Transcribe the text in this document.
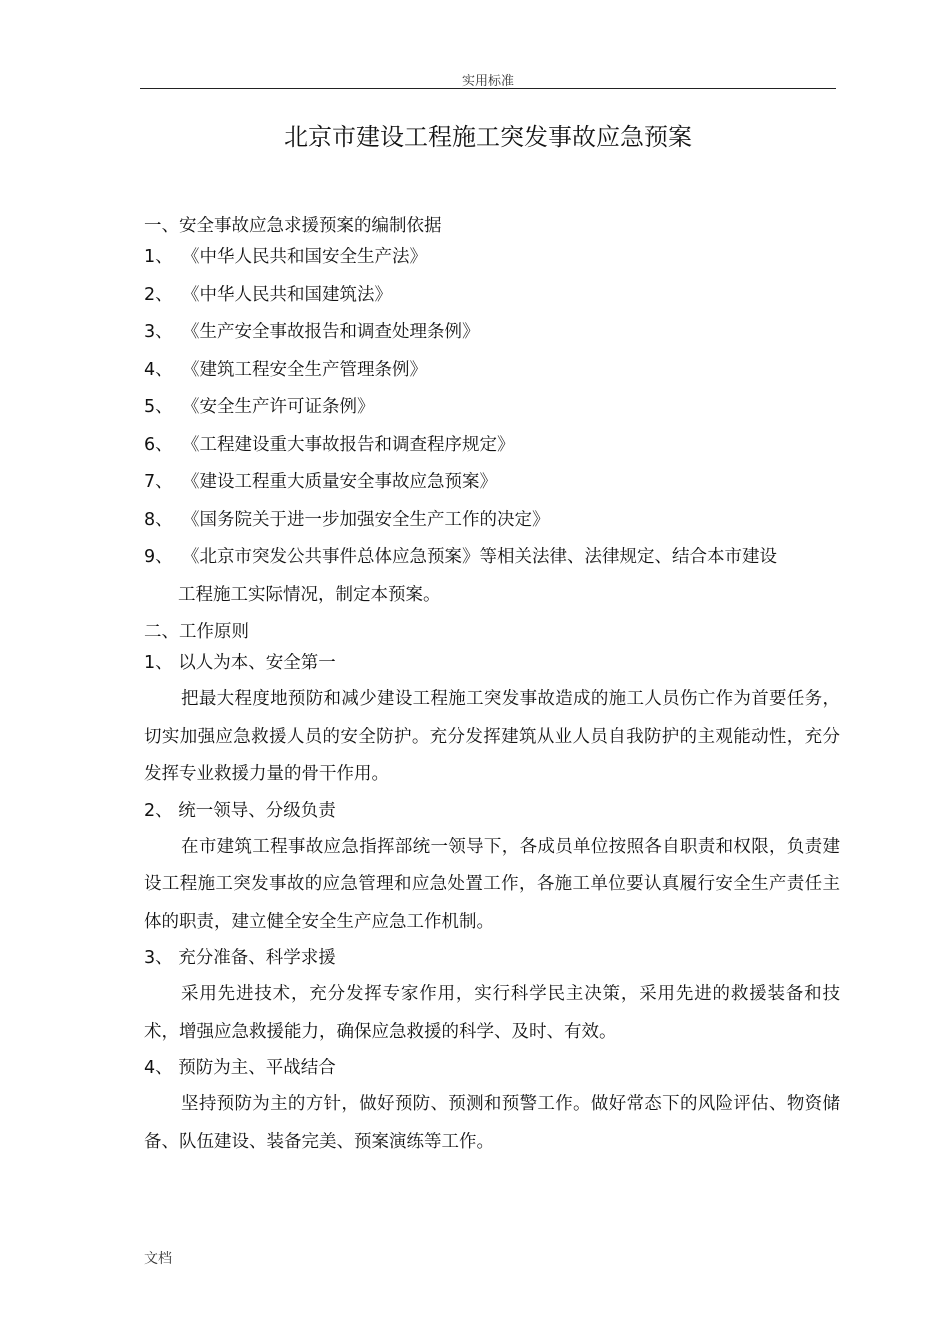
实用标准
北京市建设工程施工突发事故应急预案
一、安全事故应急求援预案的编制依据
1、 《中华人民共和国安全生产法》
2、 《中华人民共和国建筑法》
3、 《生产安全事故报告和调查处理条例》
4、 《建筑工程安全生产管理条例》
5、 《安全生产许可证条例》
6、 《工程建设重大事故报告和调查程序规定》
7、 《建设工程重大质量安全事故应急预案》
8、 《国务院关于进一步加强安全生产工作的决定》
9、 《北京市突发公共事件总体应急预案》等相关法律、法律规定、结合本市建设
工程施工实际情况，制定本预案。
二、工作原则
1、 以人为本、安全第一
把最大程度地预防和减少建设工程施工突发事故造成的施工人员伤亡作为首要任务，切实加强应急救援人员的安全防护。充分发挥建筑从业人员自我防护的主观能动性，充分发挥专业救援力量的骨干作用。
2、 统一领导、分级负责
在市建筑工程事故应急指挥部统一领导下，各成员单位按照各自职责和权限，负责建设工程施工突发事故的应急管理和应急处置工作，各施工单位要认真履行安全生产责任主体的职责，建立健全安全生产应急工作机制。
3、 充分准备、科学求援
采用先进技术，充分发挥专家作用，实行科学民主决策，采用先进的救援装备和技术，增强应急救援能力，确保应急救援的科学、及时、有效。
4、 预防为主、平战结合
坚持预防为主的方针，做好预防、预测和预警工作。做好常态下的风险评估、物资储备、队伍建设、装备完美、预案演练等工作。
文档
